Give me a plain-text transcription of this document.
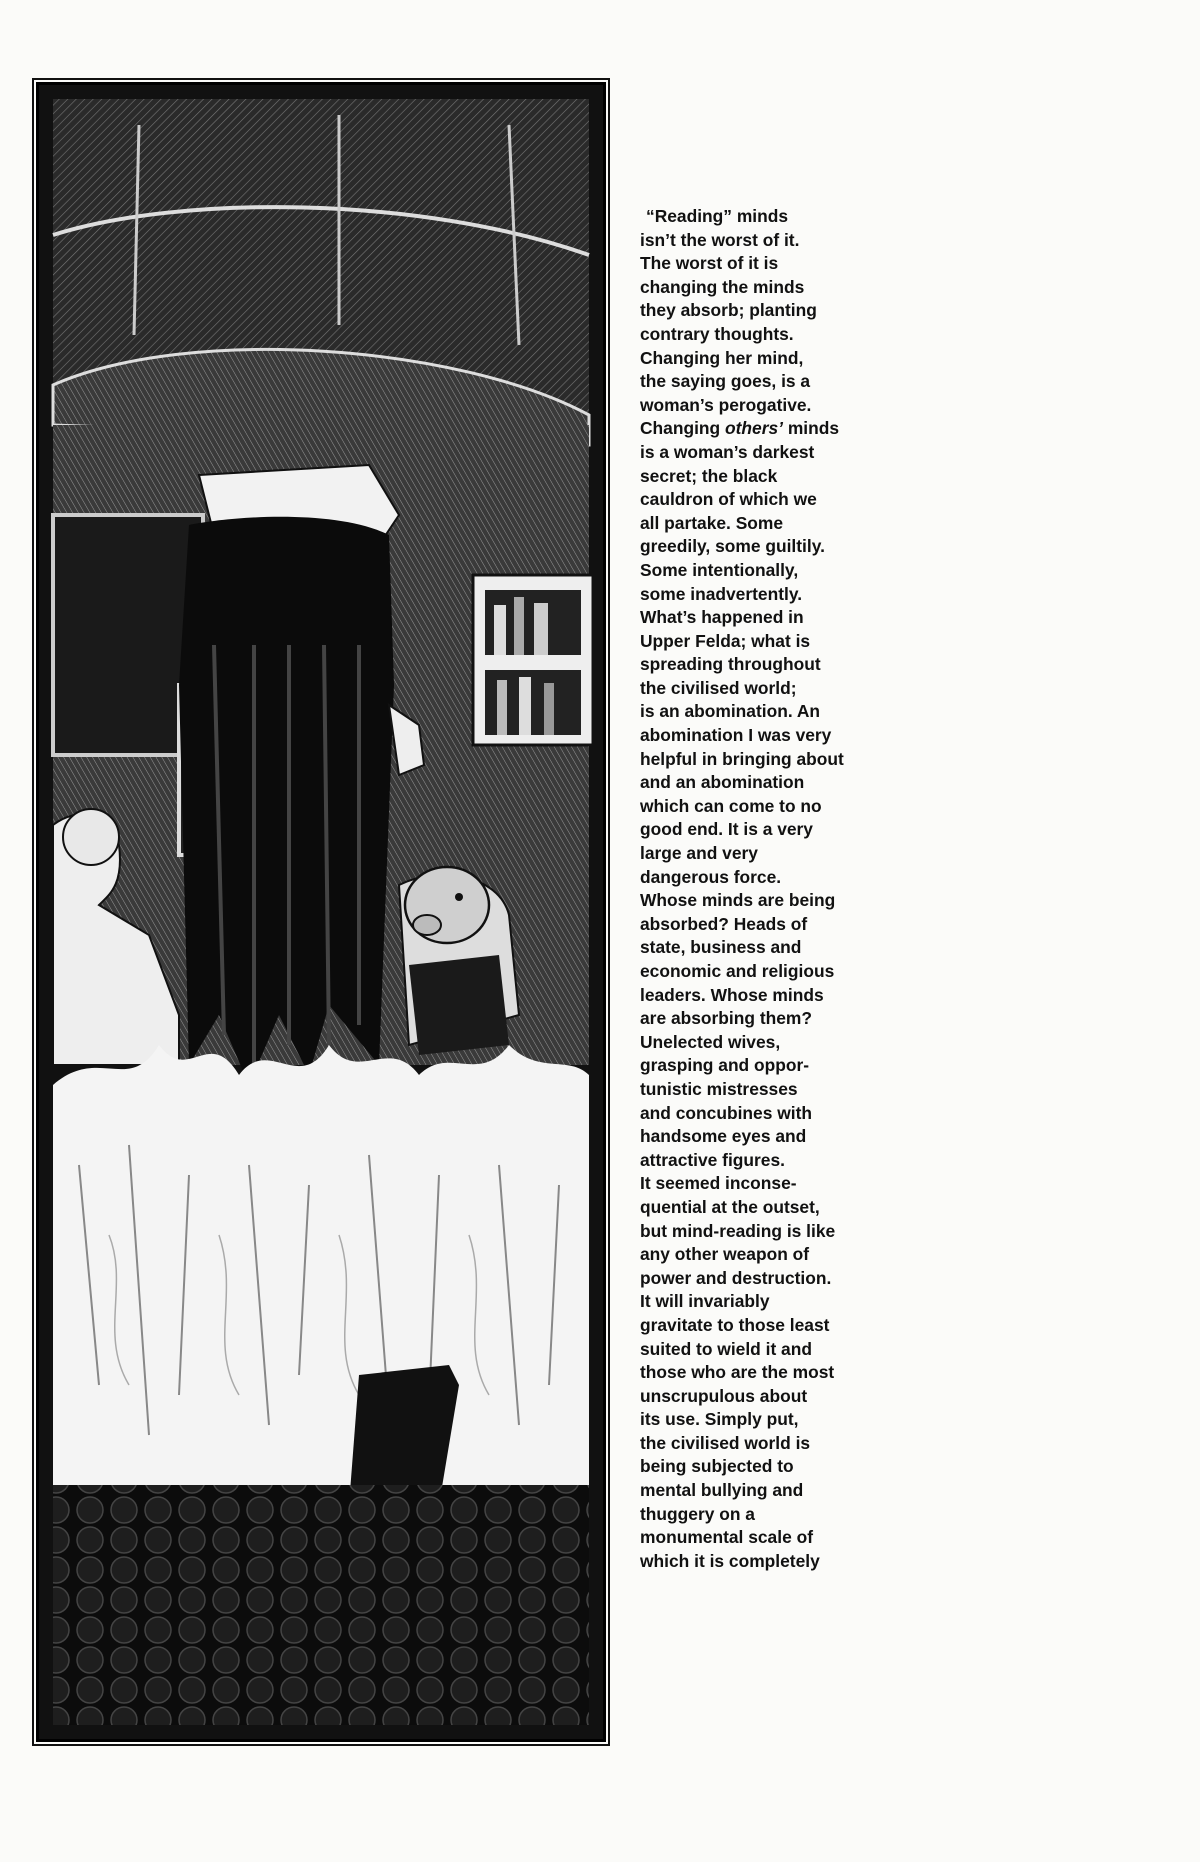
“Reading” minds
isn’t the worst of it.
The worst of it is
changing the minds
they absorb; planting
contrary thoughts.
Changing her mind,
the saying goes, is a
woman’s perogative.
Changing others’ minds
is a woman’s darkest
secret; the black
cauldron of which we
all partake. Some
greedily, some guiltily.
Some intentionally,
some inadvertently.
What’s happened in
Upper Felda; what is
spreading throughout
the civilised world;
is an abomination. An
abomination I was very
helpful in bringing about
and an abomination
which can come to no
good end. It is a very
large and very
dangerous force.
Whose minds are being
absorbed? Heads of
state, business and
economic and religious
leaders. Whose minds
are absorbing them?
Unelected wives,
grasping and oppor-
tunistic mistresses
and concubines with
handsome eyes and
attractive figures.
It seemed inconse-
quential at the outset,
but mind-reading is like
any other weapon of
power and destruction.
It will invariably
gravitate to those least
suited to wield it and
those who are the most
unscrupulous about
its use. Simply put,
the civilised world is
being subjected to
mental bullying and
thuggery on a
monumental scale of
which it is completely
